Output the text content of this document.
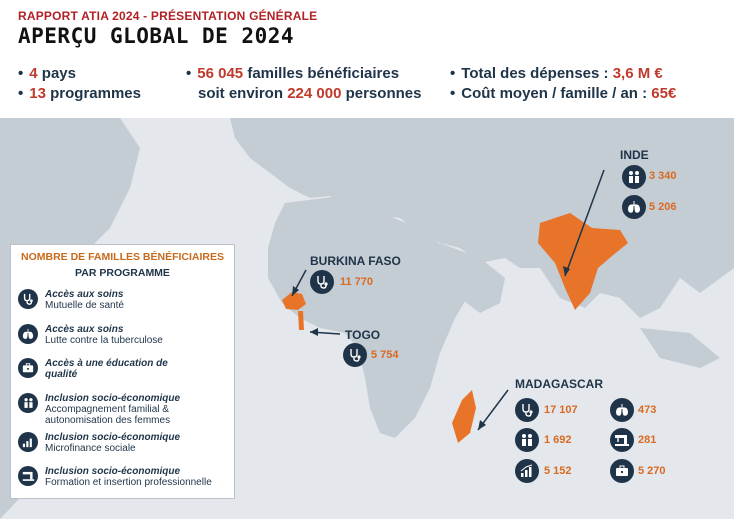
RAPPORT ATIA 2024 - PRÉSENTATION GÉNÉRALE
APERÇU GLOBAL DE 2024
• 4 pays
• 13 programmes
• 56 045 familles bénéficiaires
soit environ 224 000 personnes
• Total des dépenses : 3,6 M €
• Coût moyen / famille / an : 65€
INDE
3 340
5 206
BURKINA FASO
11 770
TOGO
5 754
MADAGASCAR
17 107	473
1 692	281
5 152	5 270
NOMBRE DE FAMILLES BÉNÉFICIAIRES
PAR PROGRAMME
Accès aux soins
Mutuelle de santé
Accès aux soins
Lutte contre la tuberculose
Accès à une éducation de qualité
Inclusion socio-économique
Accompagnement familial & autonomisation des femmes
Inclusion socio-économique
Microfinance sociale
Inclusion socio-économique
Formation et insertion professionnelle
